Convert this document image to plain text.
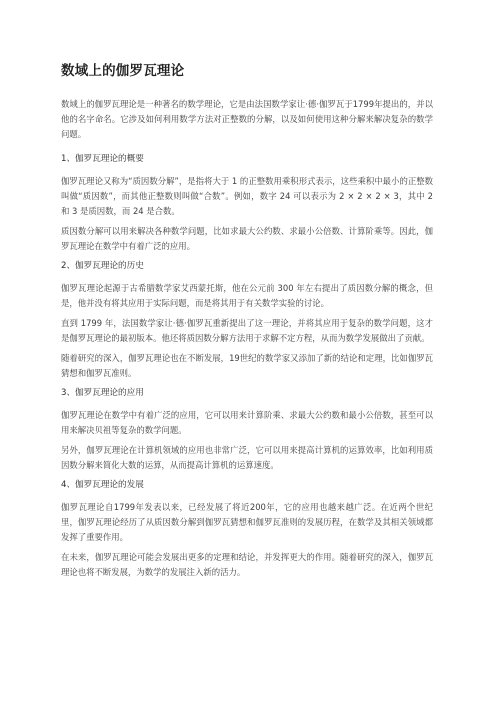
数域上的伽罗瓦理论
数域上的伽罗瓦理论是一种著名的数学理论，它是由法国数学家让·德·伽罗瓦于1799年提出的，并以他的名字命名。它涉及如何利用数学方法对正整数的分解，以及如何使用这种分解来解决复杂的数学问题。
1、伽罗瓦理论的概要
伽罗瓦理论又称为“质因数分解”，是指将大于 1 的正整数用乘积形式表示，这些乘积中最小的正整数叫做“质因数”，而其他正整数则叫做“合数”。例如，数字 24 可以表示为 2 × 2 × 2 × 3，其中 2 和 3 是质因数，而 24 是合数。
质因数分解可以用来解决各种数学问题，比如求最大公约数、求最小公倍数、计算阶乘等。因此，伽罗瓦理论在数学中有着广泛的应用。
2、伽罗瓦理论的历史
伽罗瓦理论起源于古希腊数学家艾西蒙托斯，他在公元前 300 年左右提出了质因数分解的概念，但是，他并没有将其应用于实际问题，而是将其用于有关数学实验的讨论。
直到 1799 年，法国数学家让·德·伽罗瓦重新提出了这一理论，并将其应用于复杂的数学问题，这才是伽罗瓦理论的最初版本。他还将质因数分解方法用于求解不定方程，从而为数学发展做出了贡献。
随着研究的深入，伽罗瓦理论也在不断发展，19世纪的数学家又添加了新的结论和定理，比如伽罗瓦猜想和伽罗瓦准则。
3、伽罗瓦理论的应用
伽罗瓦理论在数学中有着广泛的应用，它可以用来计算阶乘、求最大公约数和最小公倍数，甚至可以用来解决贝祖等复杂的数学问题。
另外，伽罗瓦理论在计算机领域的应用也非常广泛，它可以用来提高计算机的运算效率，比如利用质因数分解来简化大数的运算，从而提高计算机的运算速度。
4、伽罗瓦理论的发展
伽罗瓦理论自1799年发表以来，已经发展了将近200年，它的应用也越来越广泛。在近两个世纪里，伽罗瓦理论经历了从质因数分解到伽罗瓦猜想和伽罗瓦准则的发展历程，在数学及其相关领域都发挥了重要作用。
在未来，伽罗瓦理论可能会发展出更多的定理和结论，并发挥更大的作用。随着研究的深入，伽罗瓦理论也将不断发展，为数学的发展注入新的活力。
